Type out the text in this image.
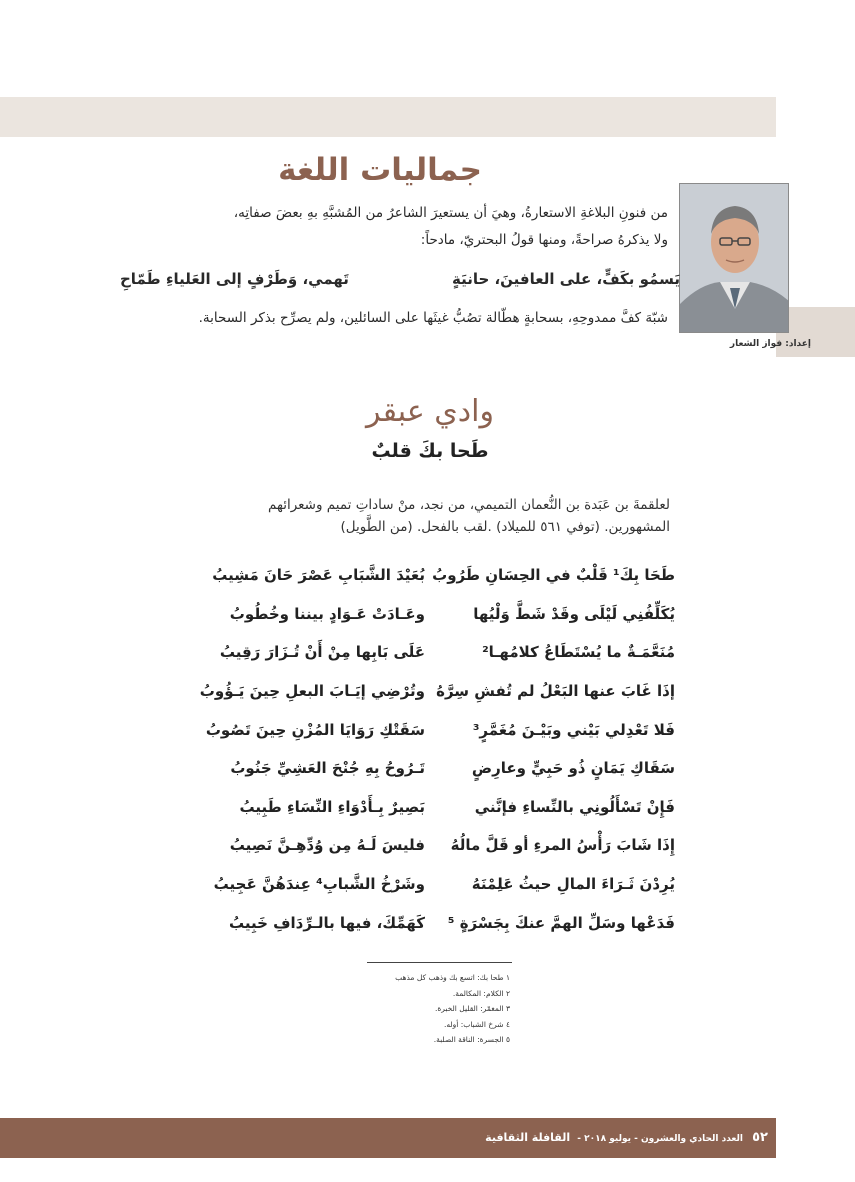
إعداد: فواز الشعار
جماليات اللغة
من فنونِ البلاغةِ الاستعارةُ، وهيَ أن يستعيرَ الشاعرُ من المُشبَّهِ بهِ بعضَ صفاتِه،
ولا يذكرهُ صراحةً، ومنها قولُ البحتريّ، مادحاً:
يَسمُو بكَفٍّ، على العافينَ، حانيَةٍ
تَهمي، وَطَرْفٍ إلى العَلياءِ طَمّاحِ
شبّهَ كفَّ ممدوحِهِ، بسحابةٍ هطّالة تصُبُّ غيثَها على السائلين، ولم يصرِّح بذكر السحابة.
وادي عبقر
طَحا بكَ قلبٌ
لعلقمةَ بن عَبَدة بن النُّعمان التميمي، من نجد، منْ ساداتِ تميم وشعرائهم
المشهورين. (توفي ٥٦١ للميلاد) .لقب بالفحل. (من الطَّويل)
طَحَا بِكَ¹ قَلْبٌ في الحِسَانِ طَرُوبُ
بُعَيْدَ الشَّبَابِ عَصْرَ حَانَ مَشِيبُ
يُكَلِّفُنِي لَيْلَى وقَدْ شَطَّ وَلْيُها
وعَـادَتْ عَـوَادٍ بيننا وخُطُوبُ
مُنَعَّمَـةٌ ما يُسْتَطَاعُ كلامُهـا²
عَلَى بَابِها مِنْ أَنْ تُـزَارَ رَقِيبُ
إذَا غَابَ عنها البَعْلُ لم تُفشِ سِرَّهُ
وتُرْضِي إيَـابَ البعلِ حِينَ يَـؤُوبُ
فَلا تَعْدِلي بَيْني وبَيْـنَ مُغَمَّرٍ³
سَقَتْكِ رَوَايَا المُزْنِ حِينَ تَصُوبُ
سَقَاكِ يَمَانٍ ذُو حَبِيٍّ وعارِضٍ
تَـرُوحُ بِهِ جُنْحَ العَشِيِّ جَنُوبُ
فَإِنْ تَسْأَلُونِي بالنِّساءِ فإنَّني
بَصِيرٌ بِـأَدْوَاءِ النِّسَاءِ طَبِيبُ
إِذَا شَابَ رَأْسُ المرءِ أو قَلَّ مالُهُ
فليسَ لَـهُ مِن وُدِّهِـنَّ نَصِيبُ
يُرِدْنَ ثَـرَاءَ المالِ حيثُ عَلِمْنَهُ
وشَرْخُ الشَّبابِ⁴ عِندَهُنَّ عَجِيبُ
فَدَعْها وسَلِّ الهمَّ عنكَ بِجَسْرَةٍ ⁵
كَهَمِّكَ، فيها بالـرِّدَافِ خَبِيبُ
١ طحا بك: اتسع بك وذهب كل مذهب
٢ الكلام: المكالمة.
٣ المغمّر: القليل الخبرة.
٤ شرخ الشباب: أوله.
٥ الجسرة: الناقة الصلبة.
٥٢ العدد الحادي والعشرون - يوليو ٢٠١٨ - القافلة الثقافية
